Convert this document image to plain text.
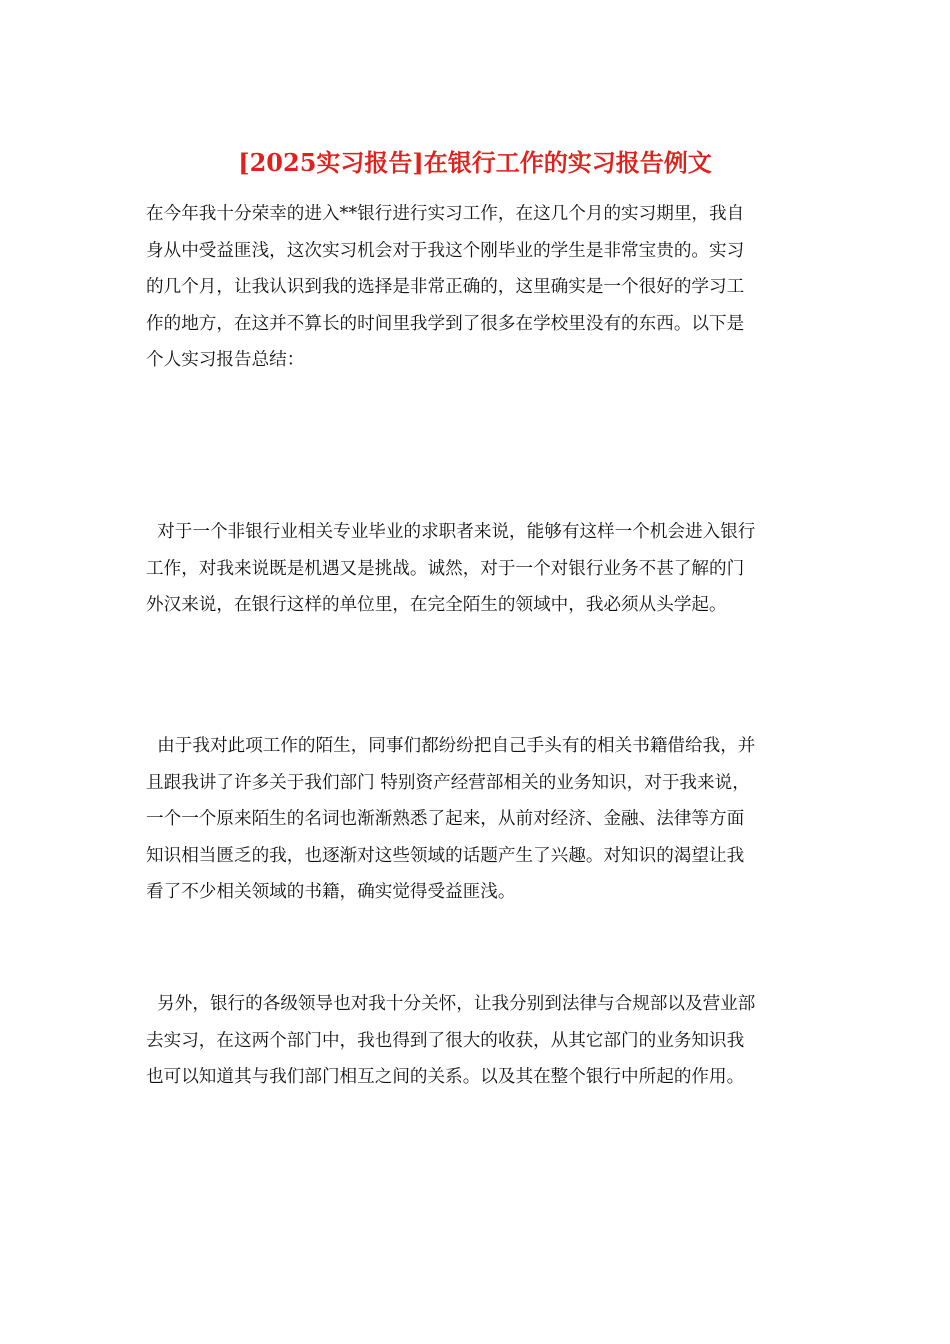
[2025实习报告]在银行工作的实习报告例文
在今年我十分荣幸的进入**银行进行实习工作，在这几个月的实习期里，我自
身从中受益匪浅，这次实习机会对于我这个刚毕业的学生是非常宝贵的。实习
的几个月，让我认识到我的选择是非常正确的，这里确实是一个很好的学习工
作的地方，在这并不算长的时间里我学到了很多在学校里没有的东西。以下是
个人实习报告总结：
对于一个非银行业相关专业毕业的求职者来说，能够有这样一个机会进入银行
工作，对我来说既是机遇又是挑战。诚然，对于一个对银行业务不甚了解的门
外汉来说，在银行这样的单位里，在完全陌生的领域中，我必须从头学起。
由于我对此项工作的陌生，同事们都纷纷把自己手头有的相关书籍借给我，并
且跟我讲了许多关于我们部门 特别资产经营部相关的业务知识，对于我来说，
一个一个原来陌生的名词也渐渐熟悉了起来，从前对经济、金融、法律等方面
知识相当匮乏的我，也逐渐对这些领域的话题产生了兴趣。对知识的渴望让我
看了不少相关领域的书籍，确实觉得受益匪浅。
另外，银行的各级领导也对我十分关怀，让我分别到法律与合规部以及营业部
去实习，在这两个部门中，我也得到了很大的收获，从其它部门的业务知识我
也可以知道其与我们部门相互之间的关系。以及其在整个银行中所起的作用。
